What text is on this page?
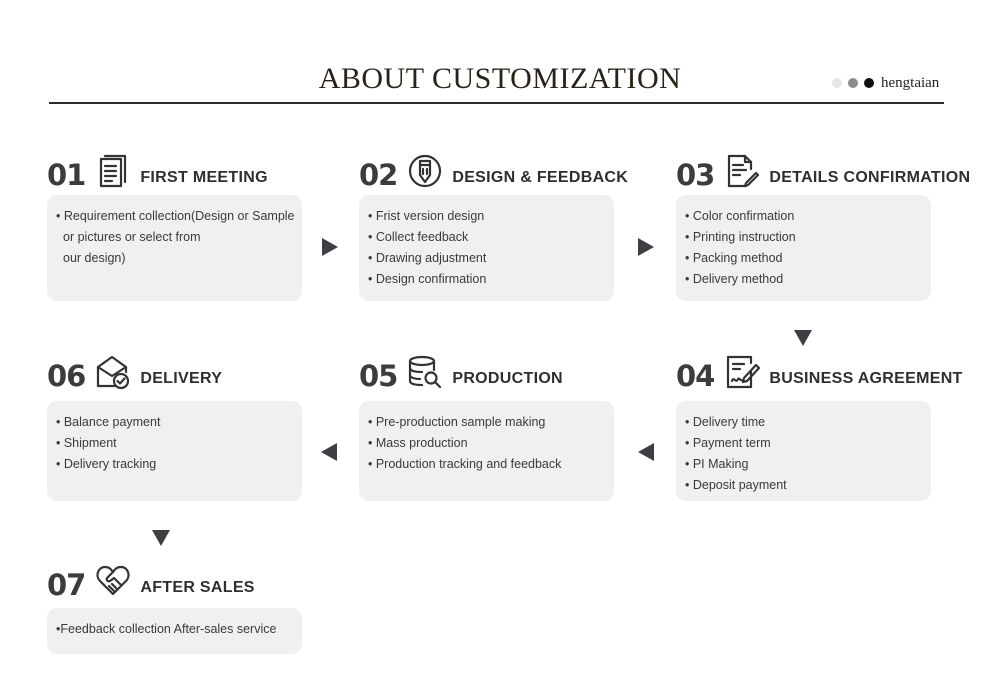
ABOUT CUSTOMIZATION	hengtaian
01	FIRST MEETING
• Requirement collection(Design or Sample
or pictures or select from
our design)
02	DESIGN & FEEDBACK
• Frist version design
• Collect feedback
• Drawing adjustment
• Design confirmation
03	DETAILS CONFIRMATION
• Color confirmation
• Printing instruction
• Packing method
• Delivery method
06	DELIVERY
• Balance payment
• Shipment
• Delivery tracking
05	PRODUCTION
• Pre-production sample making
• Mass production
• Production tracking and feedback
04	BUSINESS AGREEMENT
• Delivery time
• Payment term
• PI Making
• Deposit payment
07	AFTER SALES
•Feedback collection After-sales service
